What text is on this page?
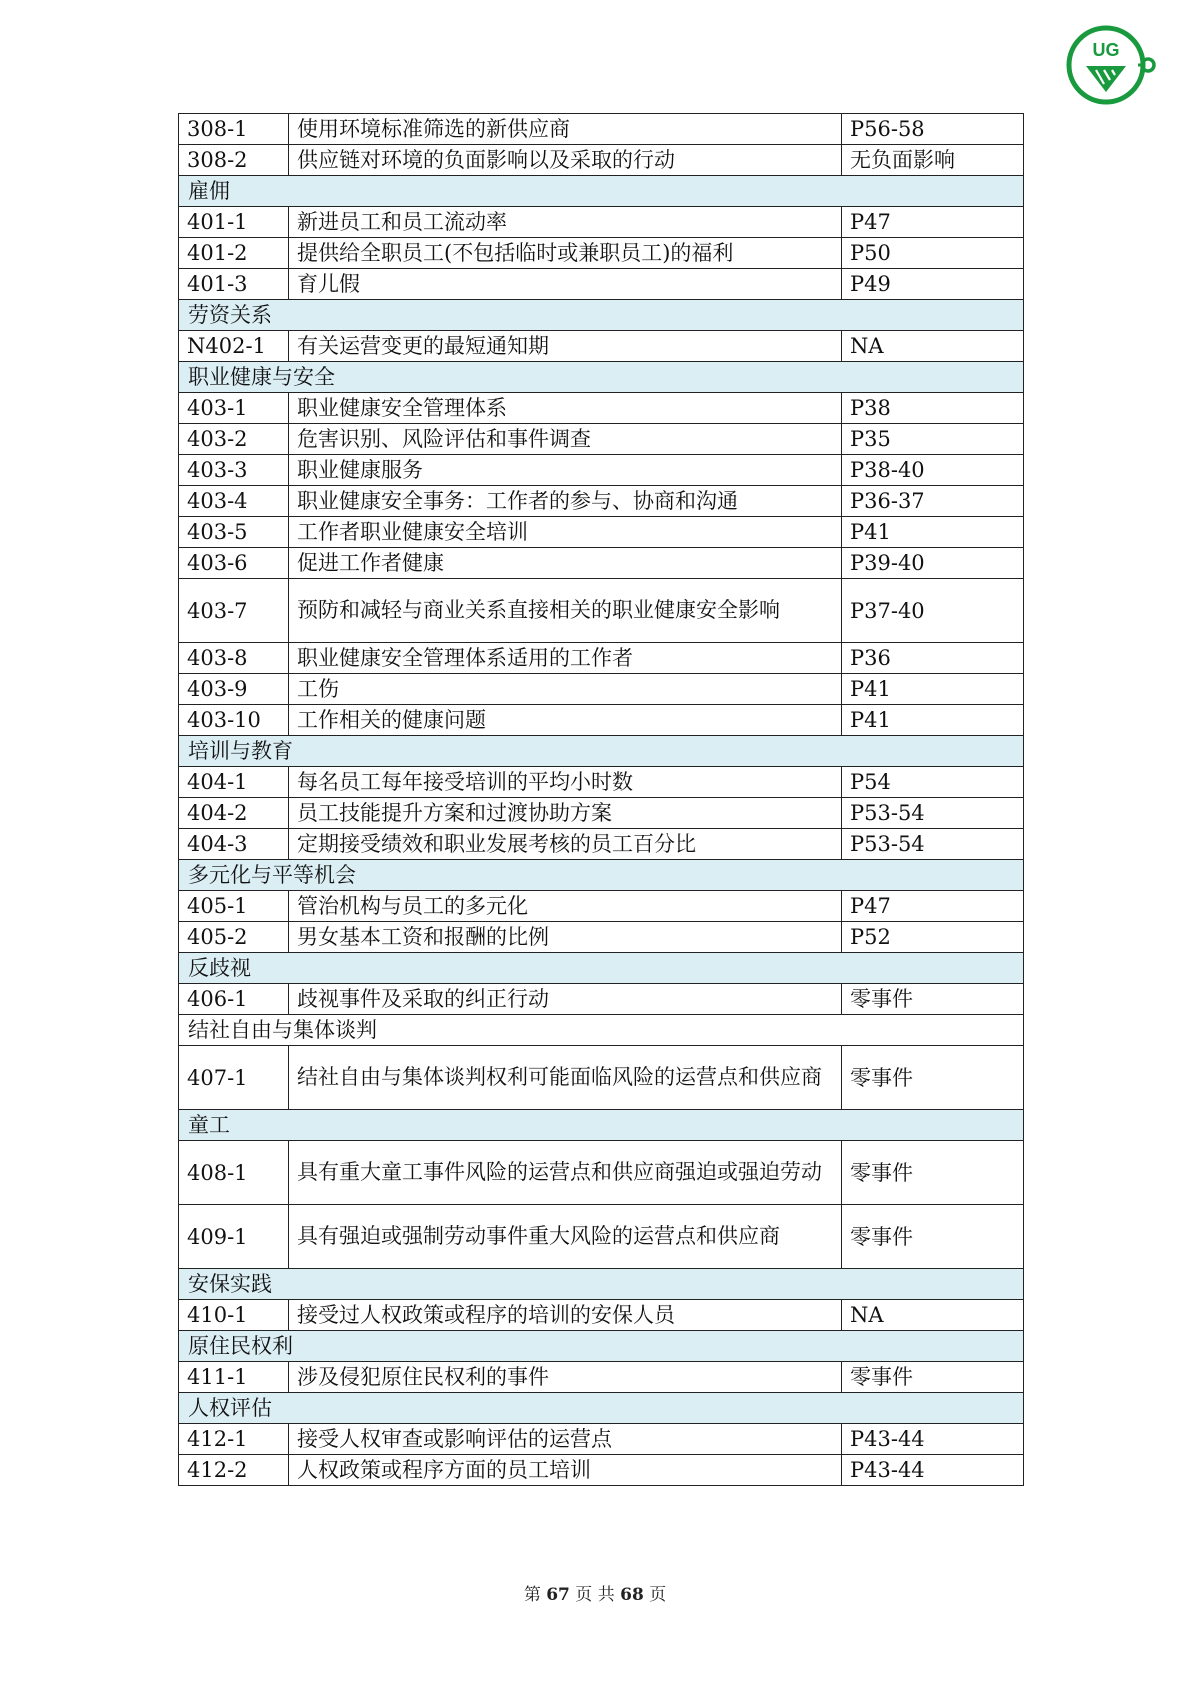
UG
308-1	使用环境标准筛选的新供应商	P56-58
308-2	供应链对环境的负面影响以及采取的行动	无负面影响
雇佣		
401-1	新进员工和员工流动率	P47
401-2	提供给全职员工(不包括临时或兼职员工)的福利	P50
401-3	育儿假	P49
劳资关系		
N402-1	有关运营变更的最短通知期	NA
职业健康与安全		
403-1	职业健康安全管理体系	P38
403-2	危害识别、风险评估和事件调查	P35
403-3	职业健康服务	P38-40
403-4	职业健康安全事务：工作者的参与、协商和沟通	P36-37
403-5	工作者职业健康安全培训	P41
403-6	促进工作者健康	P39-40
403-7	预防和减轻与商业关系直接相关的职业健康安全影响	P37-40
403-8	职业健康安全管理体系适用的工作者	P36
403-9	工伤	P41
403-10	工作相关的健康问题	P41
培训与教育		
404-1	每名员工每年接受培训的平均小时数	P54
404-2	员工技能提升方案和过渡协助方案	P53-54
404-3	定期接受绩效和职业发展考核的员工百分比	P53-54
多元化与平等机会		
405-1	管治机构与员工的多元化	P47
405-2	男女基本工资和报酬的比例	P52
反歧视		
406-1	歧视事件及采取的纠正行动	零事件
结社自由与集体谈判		
407-1	结社自由与集体谈判权利可能面临风险的运营点和供应商	零事件
童工		
408-1	具有重大童工事件风险的运营点和供应商强迫或强迫劳动	零事件
409-1	具有强迫或强制劳动事件重大风险的运营点和供应商	零事件
安保实践		
410-1	接受过人权政策或程序的培训的安保人员	NA
原住民权利		
411-1	涉及侵犯原住民权利的事件	零事件
人权评估		
412-1	接受人权审查或影响评估的运营点	P43-44
412-2	人权政策或程序方面的员工培训	P43-44
第 67 页 共 68 页
